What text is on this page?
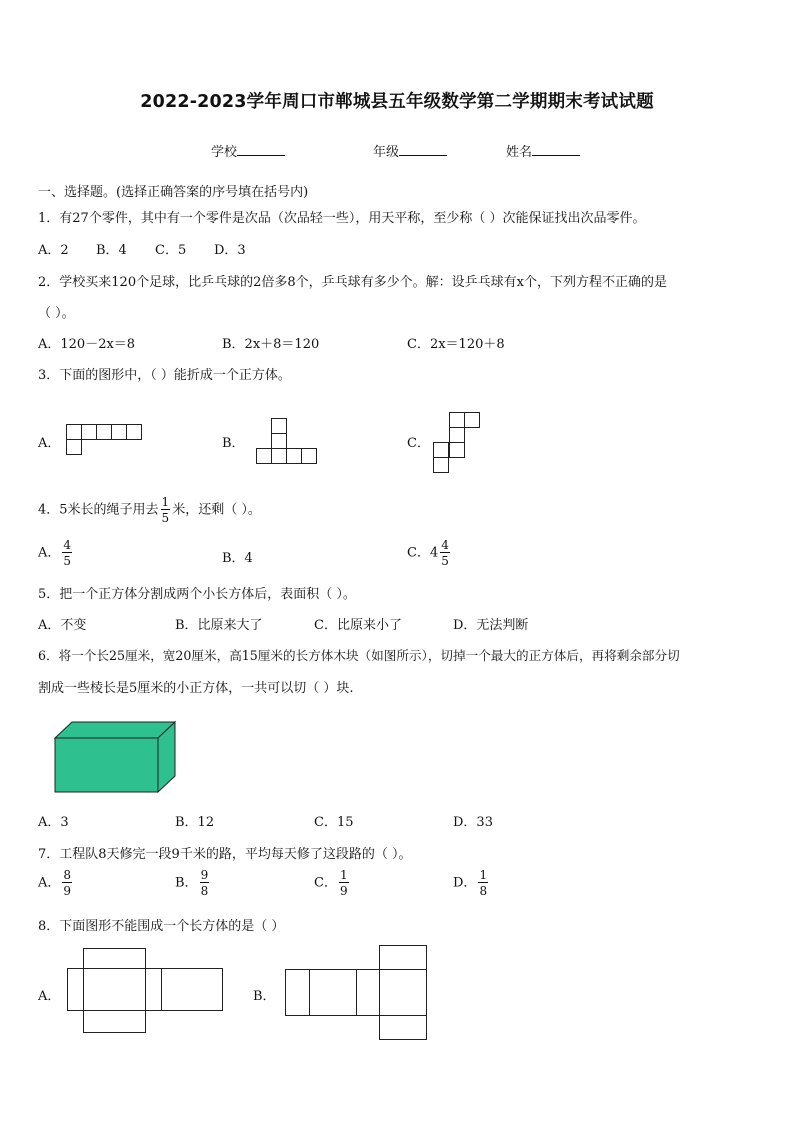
2022-2023学年周口市郸城县五年级数学第二学期期末考试试题
学校	年级	姓名
一、选择题。(选择正确答案的序号填在括号内)
1．有27个零件，其中有一个零件是次品（次品轻一些），用天平称，至少称（ ）次能保证找出次品零件。
A．2 B．4 C．5 D．3
2．学校买来120个足球，比乒乓球的2倍多8个，乒乓球有多少个。解：设乒乓球有x个，下列方程不正确的是
（ ）。
A．120－2x＝8	B．2x＋8＝120	C．2x＝120＋8
3．下面的图形中，（ ）能折成一个正方体。
A．	B．	C．
4．5米长的绳子用去 $\frac{1}{5}$ 米，还剩（ ）。
A． $\frac{4}{5}$	B．4	C．$4 \frac{4}{5}$
5．把一个正方体分割成两个小长方体后，表面积（ ）。
A．不变	B．比原来大了	C．比原来小了	D．无法判断
6．将一个长25厘米，宽20厘米，高15厘米的长方体木块（如图所示），切掉一个最大的正方体后，再将剩余部分切
割成一些棱长是5厘米的小正方体，一共可以切（ ）块.
A．3	B．12	C．15	D．33
7．工程队8天修完一段9千米的路，平均每天修了这段路的（ ）。
A． $\frac{8}{9}$	B． $\frac{9}{8}$	C． $\frac{1}{9}$	D． $\frac{1}{8}$
8．下面图形不能围成一个长方体的是（ ）
A．	B．
